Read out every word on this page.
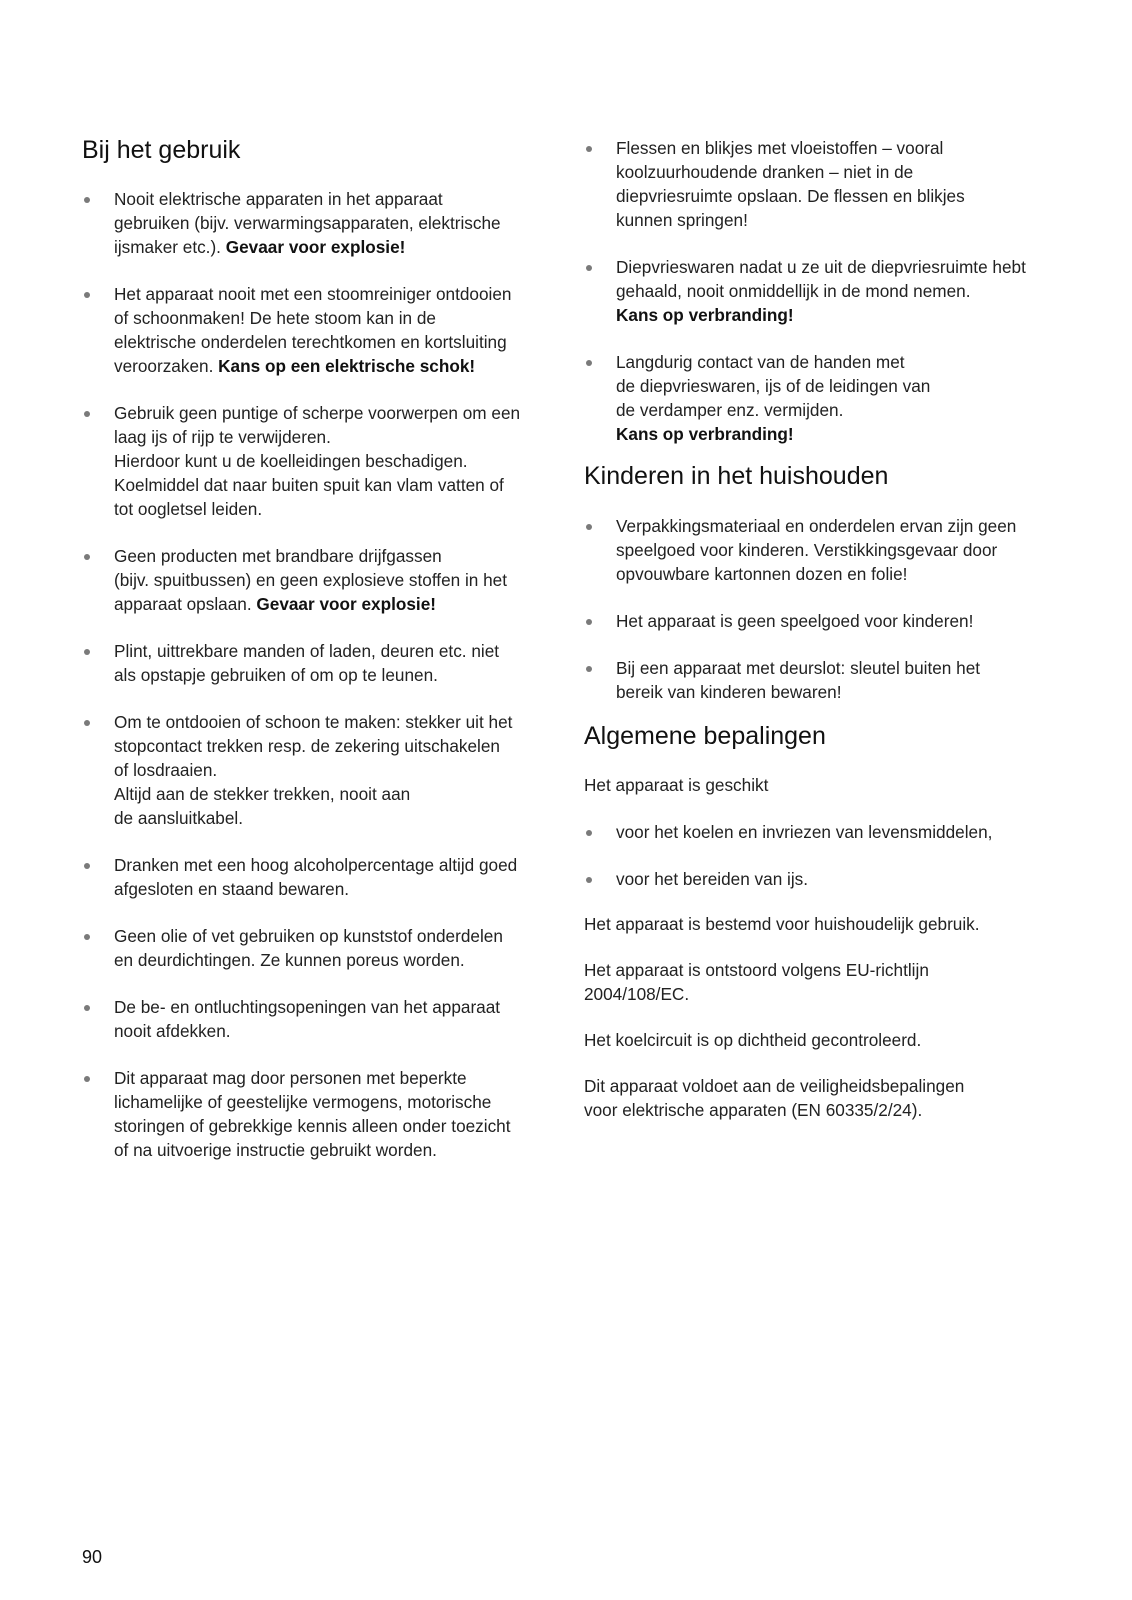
Bij het gebruik
Nooit elektrische apparaten in het apparaat
gebruiken (bijv. verwarmingsapparaten, elektrische
ijsmaker etc.). Gevaar voor explosie!
Het apparaat nooit met een stoomreiniger ontdooien
of schoonmaken! De hete stoom kan in de
elektrische onderdelen terechtkomen en kortsluiting
veroorzaken. Kans op een elektrische schok!
Gebruik geen puntige of scherpe voorwerpen om een
laag ijs of rijp te verwijderen.
Hierdoor kunt u de koelleidingen beschadigen.
Koelmiddel dat naar buiten spuit kan vlam vatten of
tot oogletsel leiden.
Geen producten met brandbare drijfgassen
(bijv. spuitbussen) en geen explosieve stoffen in het
apparaat opslaan. Gevaar voor explosie!
Plint, uittrekbare manden of laden, deuren etc. niet
als opstapje gebruiken of om op te leunen.
Om te ontdooien of schoon te maken: stekker uit het
stopcontact trekken resp. de zekering uitschakelen
of losdraaien.
Altijd aan de stekker trekken, nooit aan
de aansluitkabel.
Dranken met een hoog alcoholpercentage altijd goed
afgesloten en staand bewaren.
Geen olie of vet gebruiken op kunststof onderdelen
en deurdichtingen. Ze kunnen poreus worden.
De be- en ontluchtingsopeningen van het apparaat
nooit afdekken.
Dit apparaat mag door personen met beperkte
lichamelijke of geestelijke vermogens, motorische
storingen of gebrekkige kennis alleen onder toezicht
of na uitvoerige instructie gebruikt worden.
Flessen en blikjes met vloeistoffen – vooral
koolzuurhoudende dranken – niet in de
diepvriesruimte opslaan. De flessen en blikjes
kunnen springen!
Diepvrieswaren nadat u ze uit de diepvriesruimte hebt
gehaald, nooit onmiddellijk in de mond nemen.
Kans op verbranding!
Langdurig contact van de handen met
de diepvrieswaren, ijs of de leidingen van
de verdamper enz. vermijden.
Kans op verbranding!
Kinderen in het huishouden
Verpakkingsmateriaal en onderdelen ervan zijn geen
speelgoed voor kinderen. Verstikkingsgevaar door
opvouwbare kartonnen dozen en folie!
Het apparaat is geen speelgoed voor kinderen!
Bij een apparaat met deurslot: sleutel buiten het
bereik van kinderen bewaren!
Algemene bepalingen

Het apparaat is geschikt

voor het koelen en invriezen van levensmiddelen,
voor het bereiden van ijs.

Het apparaat is bestemd voor huishoudelijk gebruik.

Het apparaat is ontstoord volgens EU-richtlijn
2004/108/EC.

Het koelcircuit is op dichtheid gecontroleerd.

Dit apparaat voldoet aan de veiligheidsbepalingen
voor elektrische apparaten (EN 60335/2/24).

90
